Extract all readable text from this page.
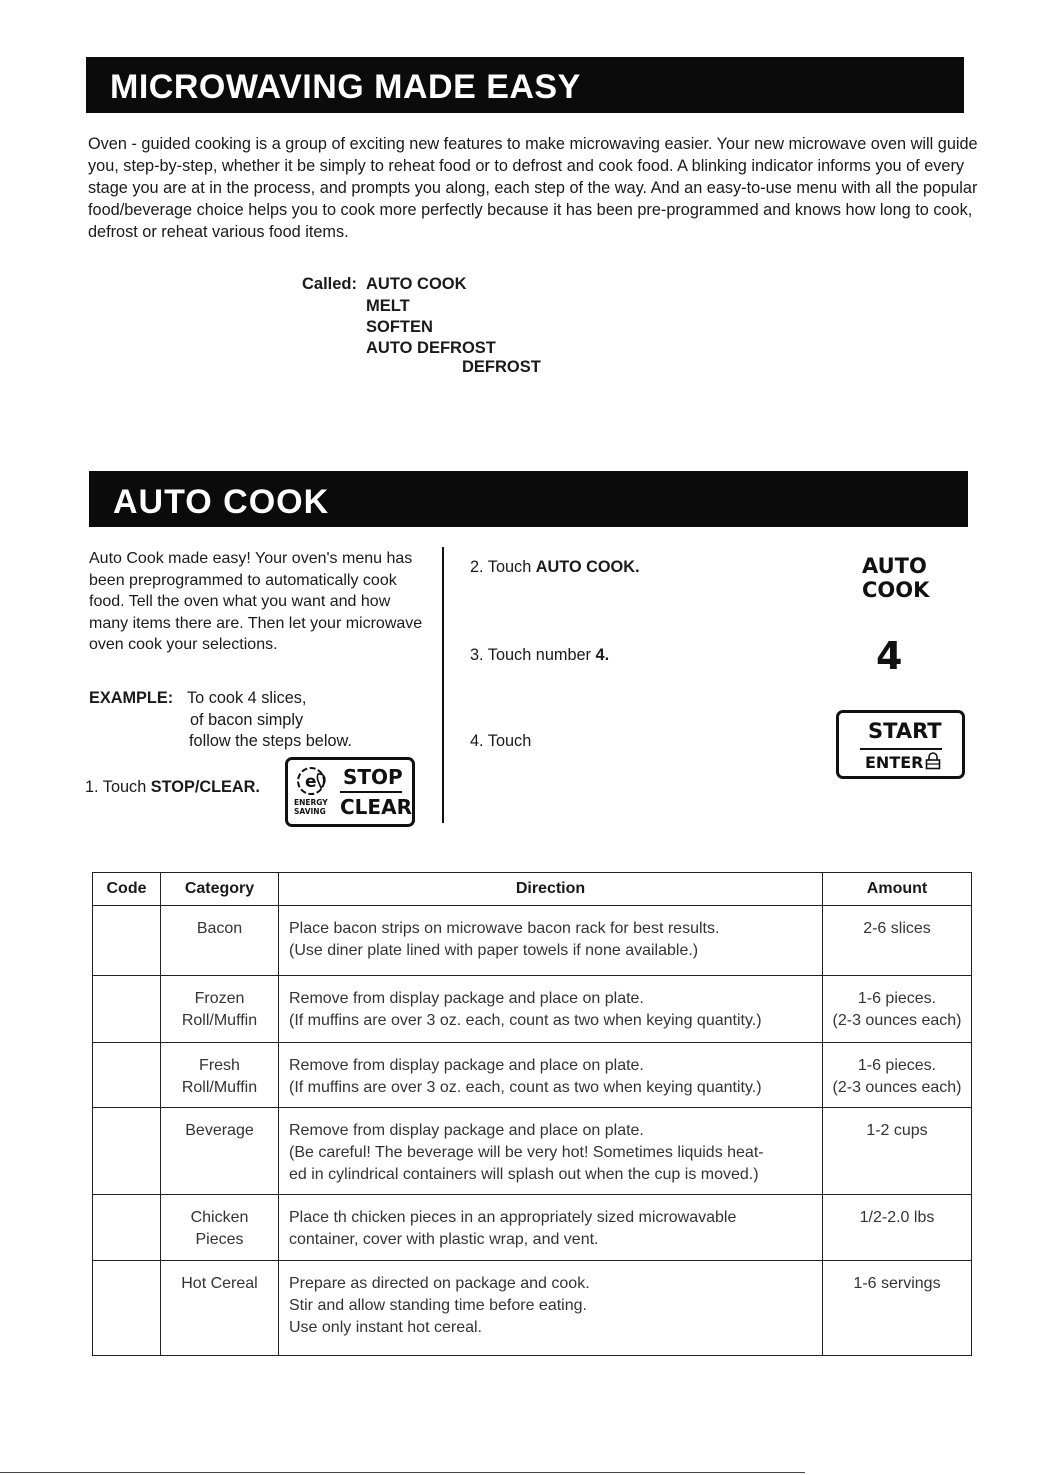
MICROWAVING MADE EASY

Oven - guided cooking is a group of exciting new features to make microwaving easier. Your new microwave oven will guide you, step-by-step, whether it be simply to reheat food or to defrost and cook food. A blinking indicator informs you of every stage you are at in the process, and prompts you along, each step of the way. And an easy-to-use menu with all the popular food/beverage choice helps you to cook more perfectly because it has been pre-programmed and knows how long to cook, defrost or reheat various food items.

Called: AUTO COOK
MELT
SOFTEN
AUTO DEFROST
DEFROST
AUTO COOK

Auto Cook made easy! Your oven's menu has been preprogrammed to automatically cook food. Tell the oven what you want and how many items there are. Then let your microwave oven cook your selections.

EXAMPLE: To cook 4 slices,
of bacon simply
follow the steps below.
1. Touch STOP/CLEAR.	e
ENERGY
SAVING
STOP
CLEAR
2. Touch AUTO COOK.
3. Touch number 4.
4. Touch
AUTO
COOK
4
START
ENTER
Code	Category	Direction	Amount

	Bacon	Place bacon strips on microwave bacon rack for best results.
(Use diner plate lined with paper towels if none available.)	2-6 slices

	Frozen
Roll/Muffin	Remove from display package and place on plate.
(If muffins are over 3 oz. each, count as two when keying quantity.)	1-6 pieces.
(2-3 ounces each)

	Fresh
Roll/Muffin	Remove from display package and place on plate.
(If muffins are over 3 oz. each, count as two when keying quantity.)	1-6 pieces.
(2-3 ounces each)

	Beverage	Remove from display package and place on plate.
(Be careful! The beverage will be very hot! Sometimes liquids heat-
ed in cylindrical containers will splash out when the cup is moved.)	1-2 cups

	Chicken
Pieces	Place th chicken pieces in an appropriately sized microwavable
container, cover with plastic wrap, and vent.	1/2-2.0 lbs

	Hot Cereal	Prepare as directed on package and cook.
Stir and allow standing time before eating.
Use only instant hot cereal.	1-6 servings
